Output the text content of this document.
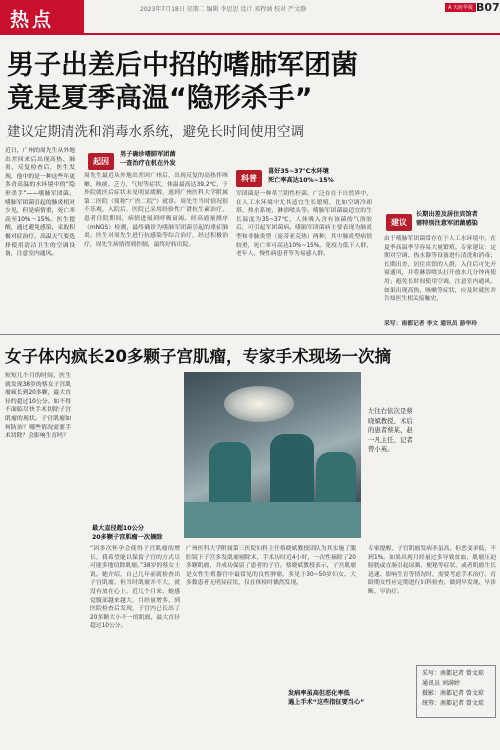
热点	2023年7月18日 星期二 编辑 李思思 设计 邓程涵 校对 严文静	A 天府早报 B07
男子出差后中招的嗜肺军团菌
竟是夏季高温“隐形杀手”
建议定期清洗和消毒水系统，避免长时间使用空调
近日，广州的周先生从外地出差回来后出现高热、肺炎，反复检查后，医生发现，他中的是一种这些年更多青高温的水环境中的“隐形杀手”——嗜肺军团菌。嗜肺军团菌引起的肺炎相对少见，但是病情重，死亡率高至10%～15%。医生提醒，通过避免感染，采取积极对症治疗。高温天气要选择使用清洁卫生的空调设备，注意室内通风。
起因
男子确诊嗜肺军团菌
一查治疗在机在外发
周先生最近从外地出差回广州后，出现反复的高热伴咳嗽、咳痰、乏力，气短等症状，体温最高达39.2℃，于外院就医后症状未见明显缓解，遂到广州医科大学附属第二医院（简称“广医二院”）就诊。周先生当时情况很不乐观，入院后，医院已采用经验性广谱抗生素治疗，患者住院期间，病情进展到呼吸衰竭。经高通量测序（mNGS）检测，最终确诊为嗜肺军团菌引起的重症肺炎。医生对周先生进行抗感染等综合治疗，经过积极治疗，周先生病情得到控制，最终好转出院。
科普
喜好35~37℃水环境
死亡率高达10%~15%
军团菌是一种革兰阴性杆菌，广泛存在于自然界中，在人工水环境中尤其适宜生长繁殖，比如空调冷却塔、热水系统、淋浴喷头等。嗜肺军团菌最适宜的生长温度为35~37℃，人体吸入含有该菌的气溶胶后，可引起军团菌病。嗜肺军团菌病主要表现为肺炎型和非肺炎型（庞蒂亚克热）两种，其中肺炎型病情较重，死亡率可高达10%~15%。免疫力低下人群、老年人、慢性病患者等为易感人群。
建议
长期出差及居住宾馆者
需特别注意军团菌感染
由于嗜肺军团菌常存在于人工水环境中，在夏季高温季节容易大量繁殖。专家建议：定期对空调、热水器等设备进行清洗和消毒；长期出差、居住宾馆的人群，入住后可先开窗通风，并将淋浴喷头打开放水几分钟再使用；避免长时间使用空调，注意室内通风。如果出现高热、咳嗽等症状，应及时就医并告知医生相关接触史。
采写：南都记者 李文 通讯员 游华玲
女子体内疯长20多颗子宫肌瘤，专家手术现场一次摘
短短几个月的时间，医生就发现38岁的蔡女子宫肌瘤疯长到20多颗，最大直径约超过10公分。如不得不面临尽快手术切除子宫肌瘤的现状。子宫肌瘤如何防治？哪些情况需要手术切除？会影响生育吗？
左往右依次是蔡晓斌教授、术后的患者蔡某、赵一凡主任、记者曾小英。
最大直径超10公分
20多颗子宫肌瘤一次摘除
“因多次怀孕会使得子宫肌瘤的增长，我希望能以保留子宫的方式尽可能多地切除肌瘤。”38岁的蔡女士说。她介绍，自己几年前就检查出子宫肌瘤，但当时肌瘤并不大，就没有放在心上。近几个月来，她感觉腹部越来越大，月经量增多，到医院检查后发现，子宫内已长出了20多颗大小不一的肌瘤，最大直径超过10公分。
广州医科大学附属第三医院妇科主任蔡晓斌教授团队为其实施了腹腔镜下子宫多发肌瘤剔除术，手术历时近4小时，一次性摘除了20多颗肌瘤，并成功保留了患者的子宫。蔡晓斌教授表示，子宫肌瘤是女性生殖器官中最常见的良性肿瘤，多见于30~50岁妇女。大多数患者无明显症状，仅在体检时偶然发现。
发病率虽高但恶化率低
遇上手术“这些指征要当心”
专家提醒，子宫肌瘤发病率虽高，但恶变率低，不到1%。如果出现月经量过多导致贫血、肌瘤压迫膀胱或直肠引起尿频、便秘等症状，或者肌瘤生长迅速、影响生育等情况时，需要考虑手术治疗。育龄期女性应定期进行妇科检查，做到早发现、早诊断、早治疗。
采写：南都记者 曾文琼
通讯员 刘满婷
摄影：南都记者 曾文琼
统筹：南都记者 曾文琼
